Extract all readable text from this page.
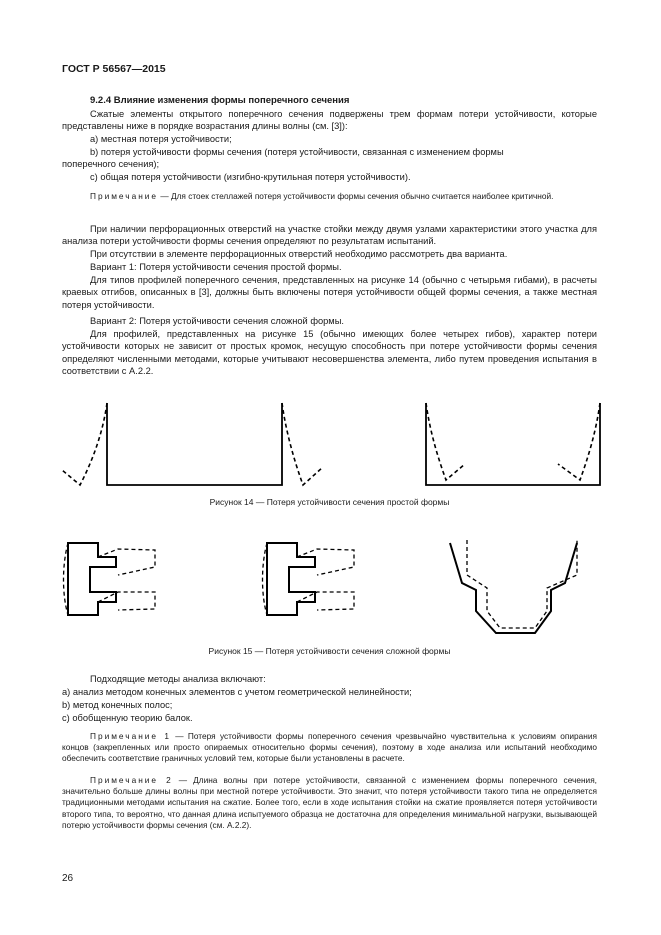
ГОСТ Р 56567—2015
9.2.4 Влияние изменения формы поперечного сечения

Сжатые элементы открытого поперечного сечения подвержены трем формам потери устойчивости, которые представлены ниже в порядке возрастания длины волны (см. [3]):

а) местная потеря устойчивости;

b) потеря устойчивости формы сечения (потеря устойчивости, связанная с изменением формы

поперечного сечения);

с) общая потеря устойчивости (изгибно-крутильная потеря устойчивости).

Примечание — Для стоек стеллажей потеря устойчивости формы сечения обычно считается наиболее критичной.

При наличии перфорационных отверстий на участке стойки между двумя узлами характеристики этого участка для анализа потери устойчивости формы сечения определяют по результатам испытаний.

При отсутствии в элементе перфорационных отверстий необходимо рассмотреть два варианта.

Вариант 1: Потеря устойчивости сечения простой формы.

Для типов профилей поперечного сечения, представленных на рисунке 14 (обычно с четырьмя гибами), в расчеты краевых отгибов, описанных в [3], должны быть включены потеря устойчивости общей формы сечения, а также местная потеря устойчивости.

Вариант 2: Потеря устойчивости сечения сложной формы.

Для профилей, представленных на рисунке 15 (обычно имеющих более четырех гибов), характер потери устойчивости которых не зависит от простых кромок, несущую способность при потере устойчивости формы сечения определяют численными методами, которые учитывают несовершенства элемента, либо путем проведения испытания в соответствии с А.2.2.

Рисунок 14 — Потеря устойчивости сечения простой формы
Рисунок 15 — Потеря устойчивости сечения сложной формы

Подходящие методы анализа включают:

а) анализ методом конечных элементов с учетом геометрической нелинейности;

b) метод конечных полос;

с) обобщенную теорию балок.

Примечание 1 — Потеря устойчивости формы поперечного сечения чрезвычайно чувствительна к условиям опирания концов (закрепленных или просто опираемых относительно формы сечения), поэтому в ходе анализа или испытаний необходимо обеспечить соответствие граничных условий тем, которые были установлены в расчете.

Примечание 2 — Длина волны при потере устойчивости, связанной с изменением формы поперечного сечения, значительно больше длины волны при местной потере устойчивости. Это значит, что потеря устойчивости такого типа не определяется традиционными методами испытания на сжатие. Более того, если в ходе испытания стойки на сжатие проявляется потеря устойчивости второго типа, то вероятно, что данная длина испытуемого образца не достаточна для определения минимальной нагрузки, вызывающей потерю устойчивости формы сечения (см. А.2.2).

26
